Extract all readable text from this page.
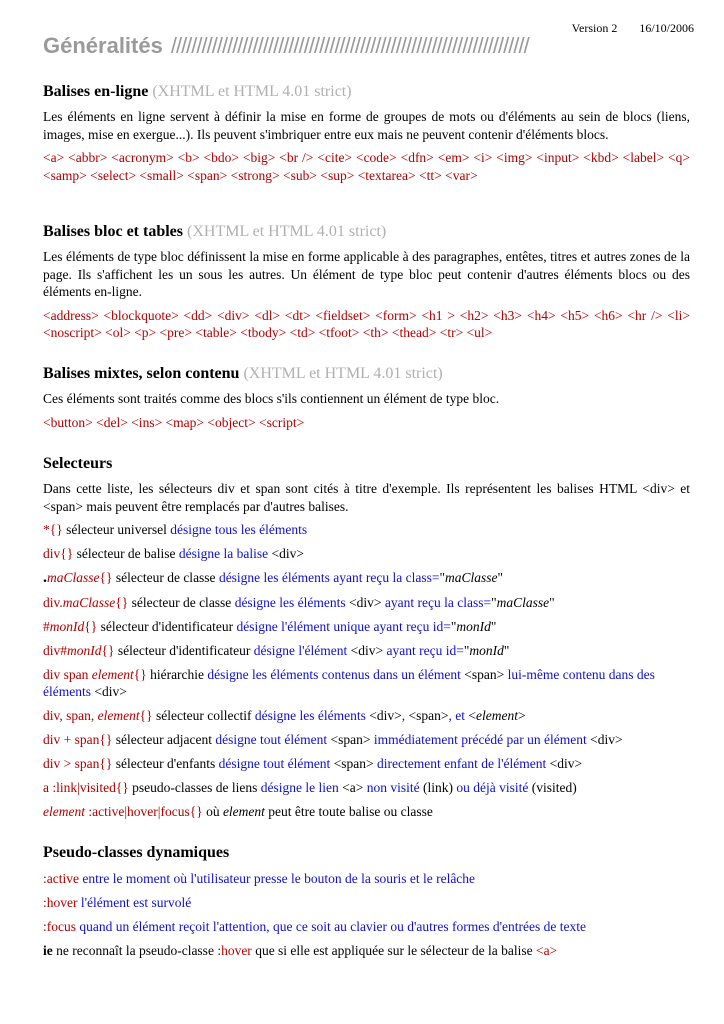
Version 2 16/10/2006
Généralités //////////////////////////////////////////////////////////////////////
Balises en-ligne (XHTML et HTML 4.01 strict)

Les éléments en ligne servent à définir la mise en forme de groupes de mots ou d'éléments au sein de blocs (liens, images, mise en exergue...). Ils peuvent s'imbriquer entre eux mais ne peuvent contenir d'éléments blocs.

<a> <abbr> <acronym> <b> <bdo> <big> <br /> <cite> <code> <dfn> <em> <i> <img> <input> <kbd> <label> <q> <samp> <select> <small> <span> <strong> <sub> <sup> <textarea> <tt> <var>
Balises bloc et tables (XHTML et HTML 4.01 strict)

Les éléments de type bloc définissent la mise en forme applicable à des paragraphes, entêtes, titres et autres zones de la page. Ils s'affichent les un sous les autres. Un élément de type bloc peut contenir d'autres éléments blocs ou des éléments en-ligne.

<address> <blockquote> <dd> <div> <dl> <dt> <fieldset> <form> <h1 > <h2> <h3> <h4> <h5> <h6> <hr /> <li> <noscript> <ol> <p> <pre> <table> <tbody> <td> <tfoot> <th> <thead> <tr> <ul>
Balises mixtes, selon contenu (XHTML et HTML 4.01 strict)

Ces éléments sont traités comme des blocs s'ils contiennent un élément de type bloc.

<button> <del> <ins> <map> <object> <script>
Selecteurs

Dans cette liste, les sélecteurs div et span sont cités à titre d'exemple. Ils représentent les balises HTML <div> et <span> mais peuvent être remplacés par d'autres balises.

*{} sélecteur universel désigne tous les éléments
div{} sélecteur de balise désigne la balise <div>
.maClasse{} sélecteur de classe désigne les éléments ayant reçu la class="maClasse"
div.maClasse{} sélecteur de classe désigne les éléments <div> ayant reçu la class="maClasse"
#monId{} sélecteur d'identificateur désigne l'élément unique ayant reçu id="monId"
div#monId{} sélecteur d'identificateur désigne l'élément <div> ayant reçu id="monId"
div span element{} hiérarchie désigne les éléments contenus dans un élément <span> lui-même contenu dans des éléments <div>
div, span, element{} sélecteur collectif désigne les éléments <div>, <span>, et <element>
div + span{} sélecteur adjacent désigne tout élément <span> immédiatement précédé par un élément <div>
div > span{} sélecteur d'enfants désigne tout élément <span> directement enfant de l'élément <div>
a :link|visited{} pseudo-classes de liens désigne le lien <a> non visité (link) ou déjà visité (visited)
element :active|hover|focus{} où element peut être toute balise ou classe
Pseudo-classes dynamiques
:active entre le moment où l'utilisateur presse le bouton de la souris et le relâche
:hover l'élément est survolé
:focus quand un élément reçoit l'attention, que ce soit au clavier ou d'autres formes d'entrées de texte
ie ne reconnaît la pseudo-classe :hover que si elle est appliquée sur le sélecteur de la balise <a>
